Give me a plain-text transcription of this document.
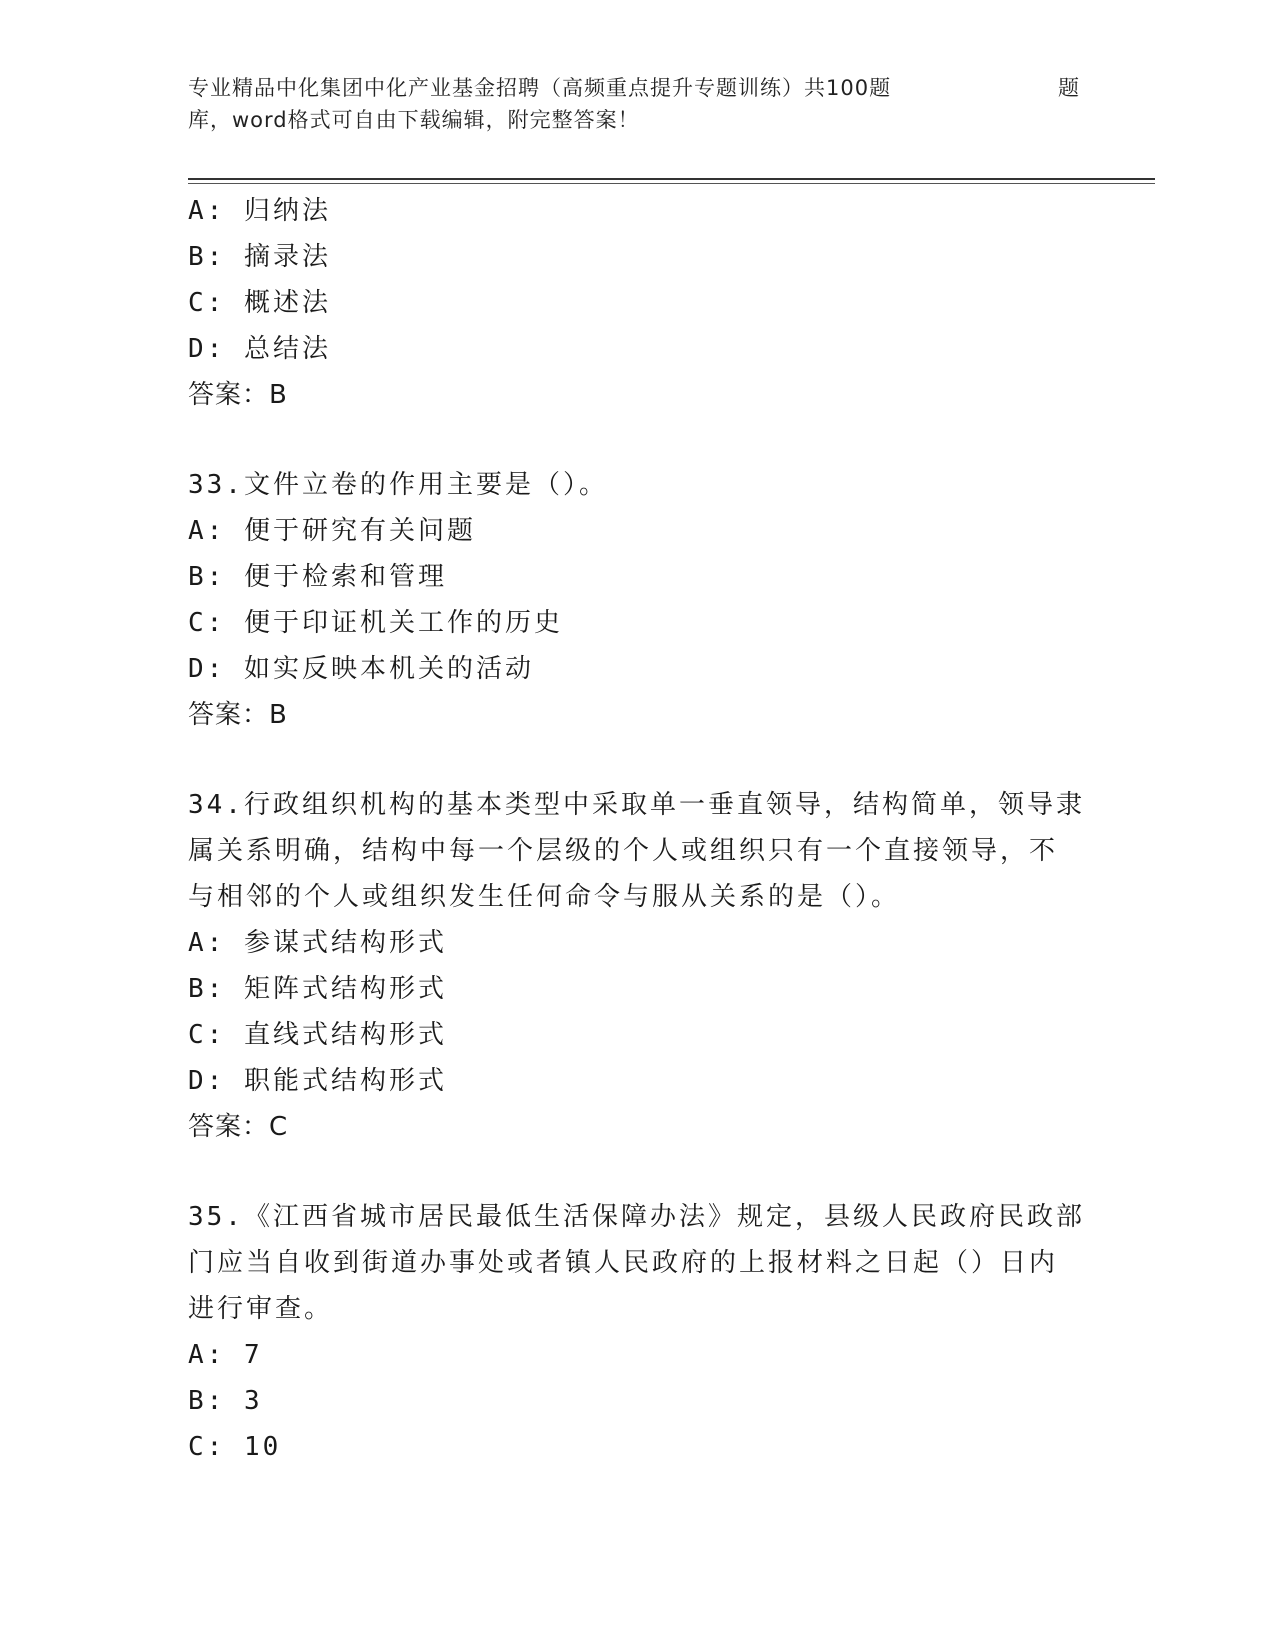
专业精品中化集团中化产业基金招聘（高频重点提升专题训练）共100题	题
库，word格式可自由下载编辑，附完整答案！
A: 归纳法
B: 摘录法
C: 概述法
D: 总结法
答案：B
33.文件立卷的作用主要是（）。
A: 便于研究有关问题
B: 便于检索和管理
C: 便于印证机关工作的历史
D: 如实反映本机关的活动
答案：B
34.行政组织机构的基本类型中采取单一垂直领导，结构简单，领导隶
属关系明确，结构中每一个层级的个人或组织只有一个直接领导，不
与相邻的个人或组织发生任何命令与服从关系的是（）。
A: 参谋式结构形式
B: 矩阵式结构形式
C: 直线式结构形式
D: 职能式结构形式
答案：C
35.《江西省城市居民最低生活保障办法》规定，县级人民政府民政部
门应当自收到街道办事处或者镇人民政府的上报材料之日起（）日内
进行审查。
A: 7
B: 3
C: 10
